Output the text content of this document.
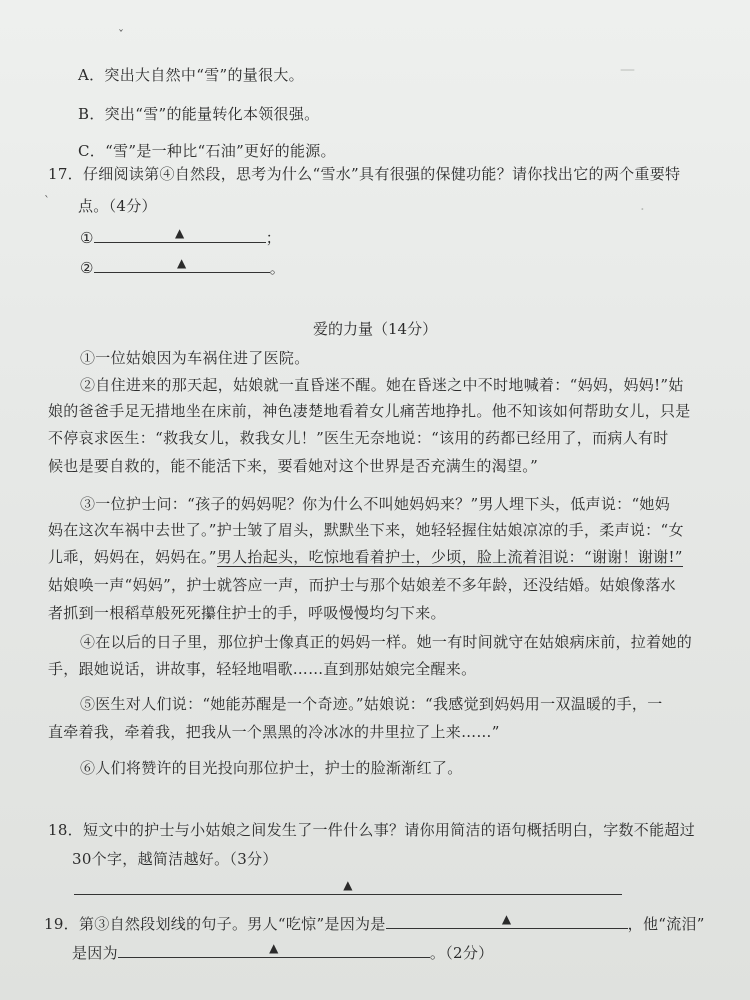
—
·
ˇ
A．突出大自然中“雪”的量很大。
B．突出“雪”的能量转化本领很强。
C．“雪”是一种比“石油”更好的能源。
17．仔细阅读第④自然段，思考为什么“雪水”具有很强的保健功能？请你找出它的两个重要特
ˋ 点。（4分）
①	▲	；
②	▲	。
爱的力量（14分）
①一位姑娘因为车祸住进了医院。
②自住进来的那天起，姑娘就一直昏迷不醒。她在昏迷之中不时地喊着：“妈妈，妈妈!”姑
娘的爸爸手足无措地坐在床前，神色凄楚地看着女儿痛苦地挣扎。他不知该如何帮助女儿，只是
不停哀求医生：“救我女儿，救我女儿！”医生无奈地说：“该用的药都已经用了，而病人有时
候也是要自救的，能不能活下来，要看她对这个世界是否充满生的渴望。”
③一位护士问：“孩子的妈妈呢？你为什么不叫她妈妈来？”男人埋下头，低声说：“她妈
妈在这次车祸中去世了。”护士皱了眉头，默默坐下来，她轻轻握住姑娘凉凉的手，柔声说：“女
儿乖，妈妈在，妈妈在。”男人抬起头，吃惊地看着护士，少顷，脸上流着泪说：“谢谢！谢谢!”
姑娘唤一声“妈妈”，护士就答应一声，而护士与那个姑娘差不多年龄，还没结婚。姑娘像落水
者抓到一根稻草般死死攥住护士的手，呼吸慢慢均匀下来。
④在以后的日子里，那位护士像真正的妈妈一样。她一有时间就守在姑娘病床前，拉着她的
手，跟她说话，讲故事，轻轻地唱歌……直到那姑娘完全醒来。
⑤医生对人们说：“她能苏醒是一个奇迹。”姑娘说：“我感觉到妈妈用一双温暖的手，一
直牵着我，牵着我，把我从一个黑黑的冷冰冰的井里拉了上来……”
⑥人们将赞许的目光投向那位护士，护士的脸渐渐红了。
18．短文中的护士与小姑娘之间发生了一件什么事？请你用简洁的语句概括明白，字数不能超过
30个字，越简洁越好。（3分）
▲
19．第③自然段划线的句子。男人“吃惊”是因为是	▲	，他“流泪”
是因为	▲	。（2分）
